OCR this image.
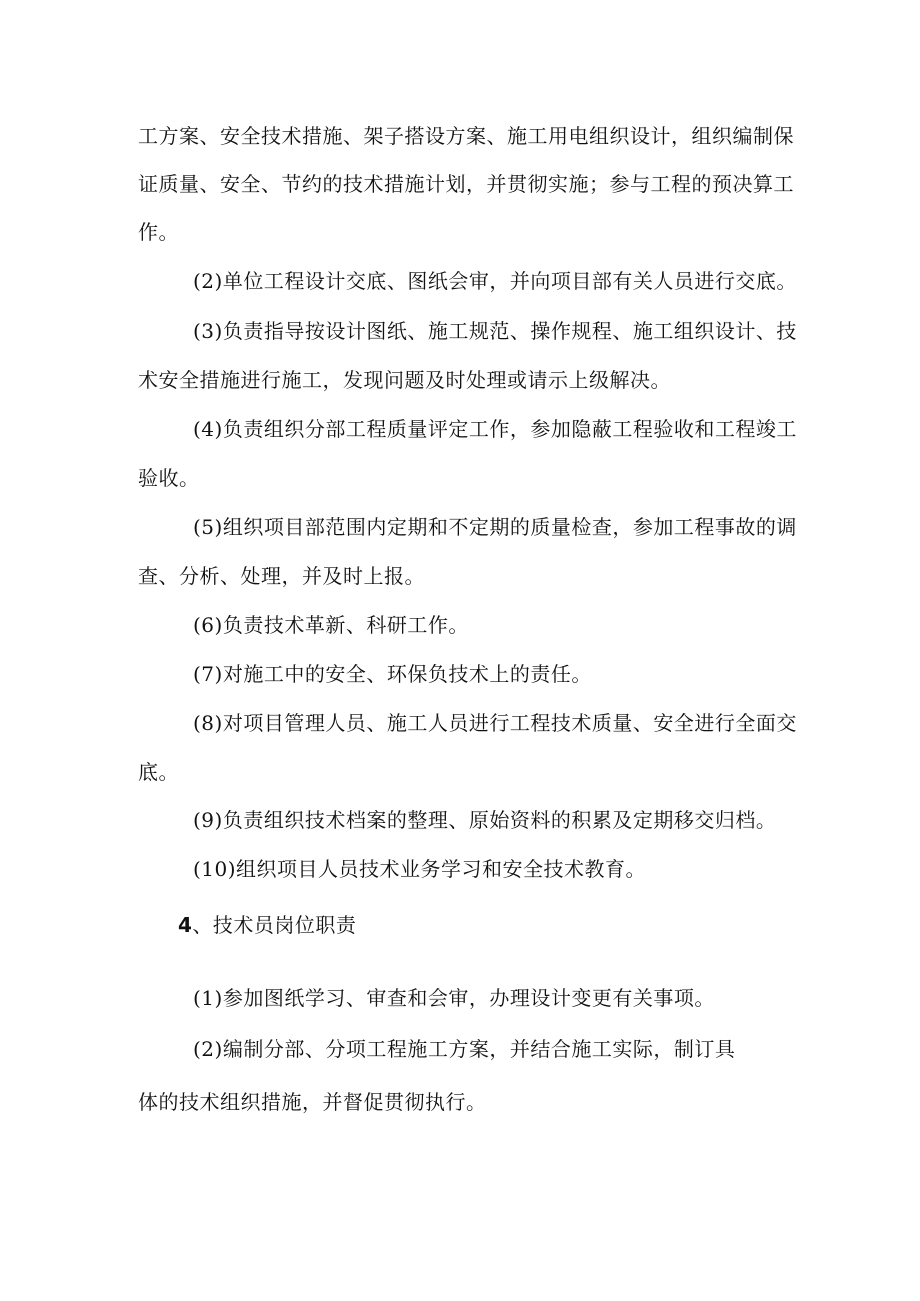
工方案、安全技术措施、架子搭设方案、施工用电组织设计，组织编制保
证质量、安全、节约的技术措施计划，并贯彻实施；参与工程的预决算工
作。
(2)单位工程设计交底、图纸会审，并向项目部有关人员进行交底。
(3)负责指导按设计图纸、施工规范、操作规程、施工组织设计、技
术安全措施进行施工，发现问题及时处理或请示上级解决。
(4)负责组织分部工程质量评定工作，参加隐蔽工程验收和工程竣工
验收。
(5)组织项目部范围内定期和不定期的质量检查，参加工程事故的调
查、分析、处理，并及时上报。
(6)负责技术革新、科研工作。
(7)对施工中的安全、环保负技术上的责任。
(8)对项目管理人员、施工人员进行工程技术质量、安全进行全面交
底。
(9)负责组织技术档案的整理、原始资料的积累及定期移交归档。
(10)组织项目人员技术业务学习和安全技术教育。
4、技术员岗位职责
(1)参加图纸学习、审查和会审，办理设计变更有关事项。
(2)编制分部、分项工程施工方案，并结合施工实际，制订具
体的技术组织措施，并督促贯彻执行。
